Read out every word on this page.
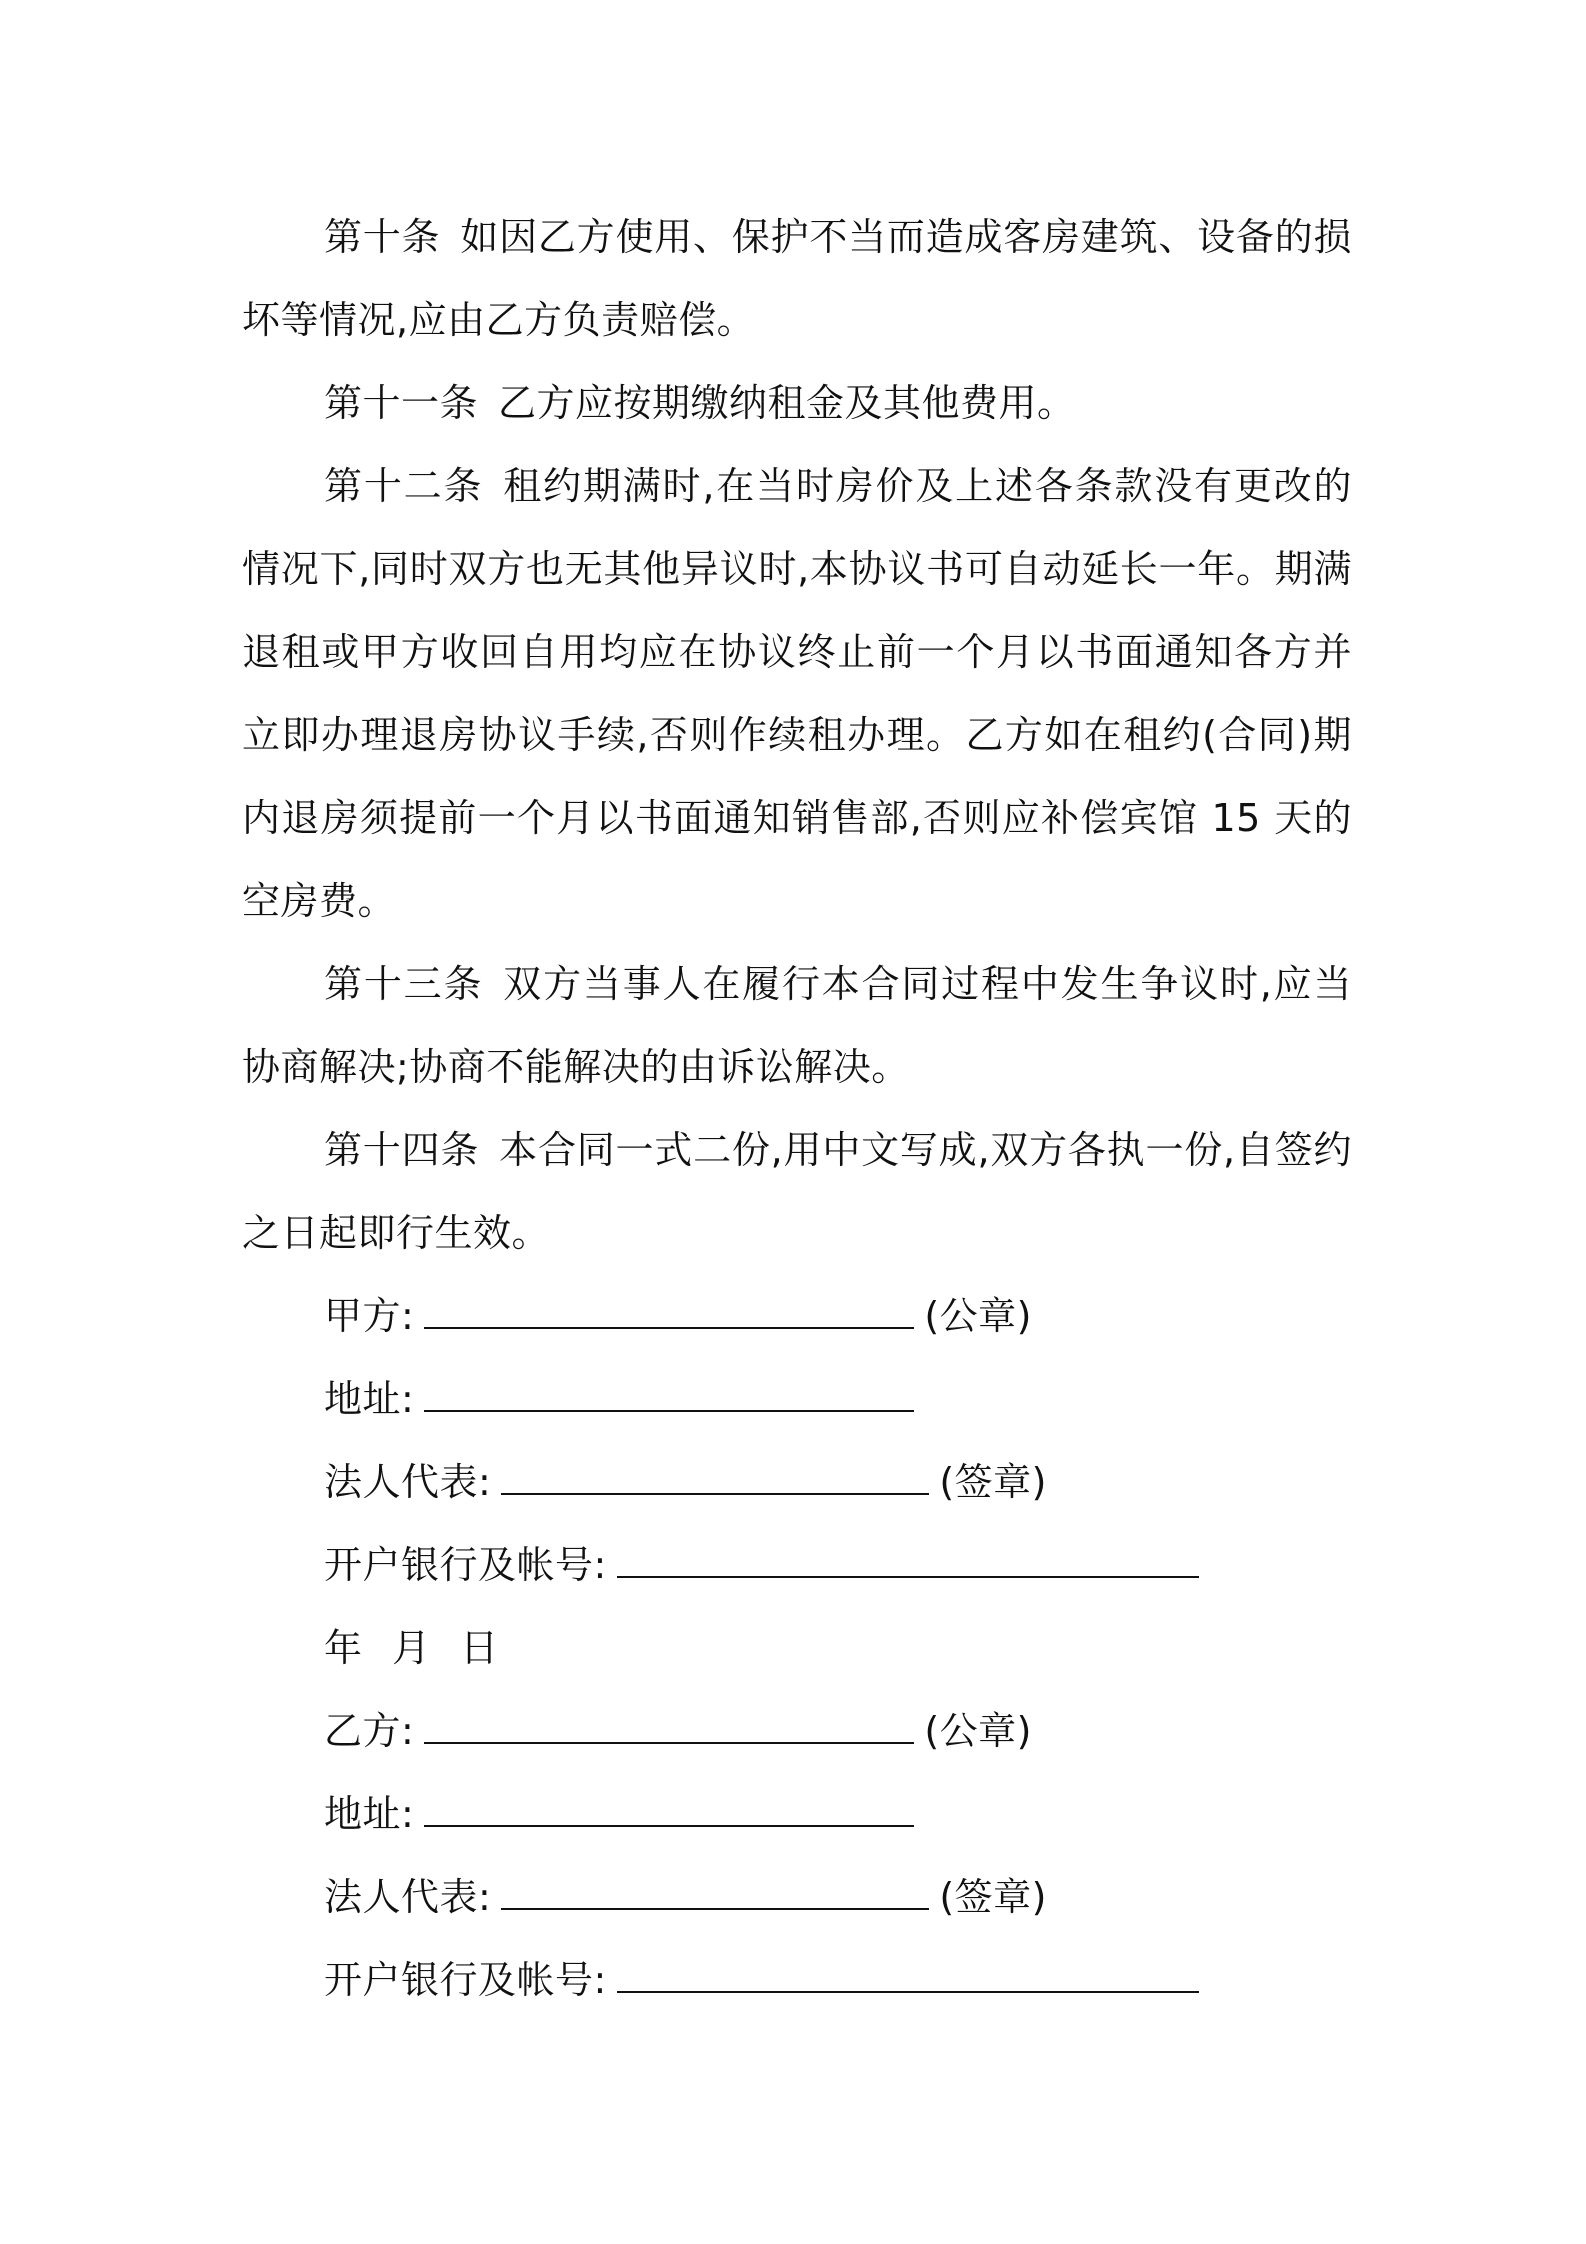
第十条 如因乙方使用、保护不当而造成客房建筑、设备的损坏等情况,应由乙方负责赔偿。

第十一条 乙方应按期缴纳租金及其他费用。

第十二条 租约期满时,在当时房价及上述各条款没有更改的情况下,同时双方也无其他异议时,本协议书可自动延长一年。期满退租或甲方收回自用均应在协议终止前一个月以书面通知各方并立即办理退房协议手续,否则作续租办理。乙方如在租约(合同)期内退房须提前一个月以书面通知销售部,否则应补偿宾馆 15 天的空房费。

第十三条 双方当事人在履行本合同过程中发生争议时,应当协商解决;协商不能解决的由诉讼解决。

第十四条 本合同一式二份,用中文写成,双方各执一份,自签约之日起即行生效。

甲方:	(公章)
地址:
法人代表:	(签章)
开户银行及帐号:
年 月 日
乙方:	(公章)
地址:
法人代表:	(签章)
开户银行及帐号:
